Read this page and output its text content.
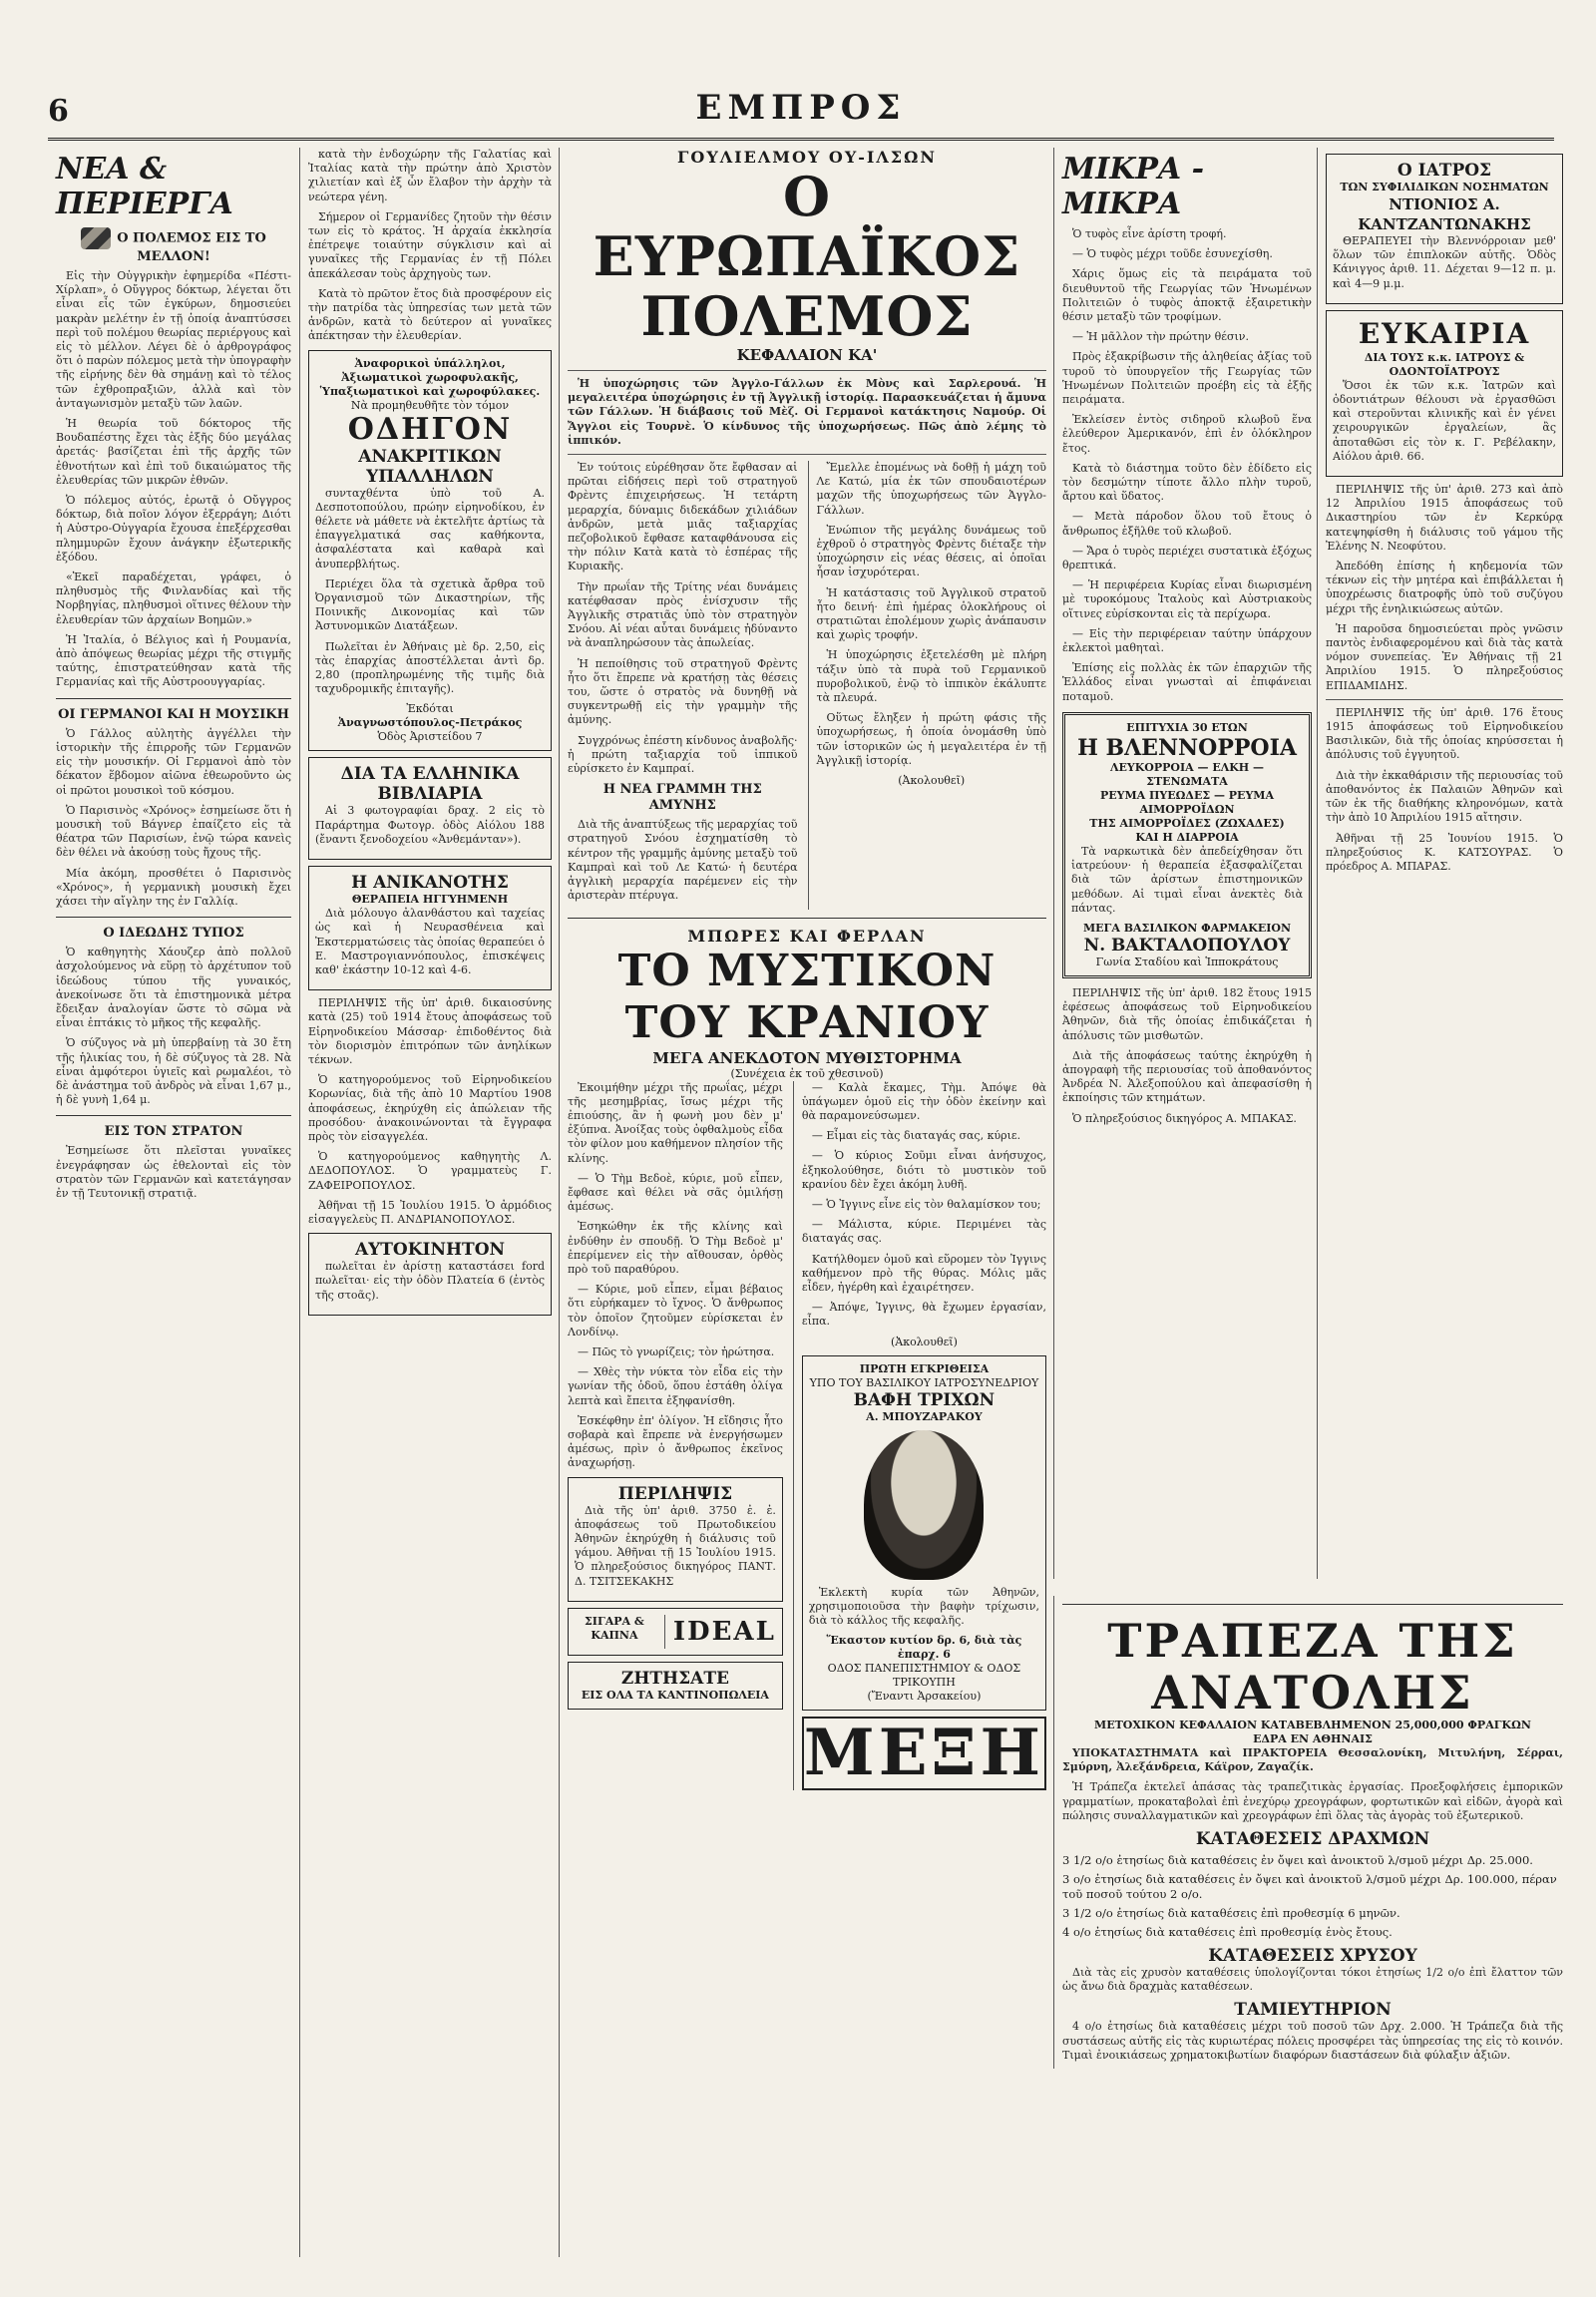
6	ΕΜΠΡΟΣ
ΝΕΑ & ΠΕΡΙΕΡΓΑ
Ο ΠΟΛΕΜΟΣ ΕΙΣ ΤΟ ΜΕΛΛΟΝ!

Εἰς τὴν Οὐγγρικὴν ἐφημερίδα «Πέστι-Χίρλαπ», ὁ Οὔγγρος δόκτωρ, λέγεται ὅτι εἶναι εἷς τῶν ἐγκύρων, δημοσιεύει μακρὰν μελέτην ἐν τῇ ὁποίᾳ ἀναπτύσσει περὶ τοῦ πολέμου θεωρίας περιέργους καὶ εἰς τὸ μέλλον. Λέγει δὲ ὁ ἀρθρογράφος ὅτι ὁ παρὼν πόλεμος μετὰ τὴν ὑπογραφὴν τῆς εἰρήνης δὲν θὰ σημάνῃ καὶ τὸ τέλος τῶν ἐχθροπραξιῶν, ἀλλὰ καὶ τὸν ἀνταγωνισμὸν μεταξὺ τῶν λαῶν.

Ἡ θεωρία τοῦ δόκτορος τῆς Βουδαπέστης ἔχει τὰς ἑξῆς δύο μεγάλας ἀρετάς· βασίζεται ἐπὶ τῆς ἀρχῆς τῶν ἐθνοτήτων καὶ ἐπὶ τοῦ δικαιώματος τῆς ἐλευθερίας τῶν μικρῶν ἐθνῶν.

Ὁ πόλεμος αὐτός, ἐρωτᾷ ὁ Οὔγγρος δόκτωρ, διὰ ποῖον λόγον ἐξερράγη; Διότι ἡ Αὐστρο-Οὐγγαρία ἔχουσα ἐπεξέρχεσθαι πλημμυρῶν ἔχουν ἀνάγκην ἐξωτερικῆς ἐξόδου.

«Ἐκεῖ παραδέχεται, γράφει, ὁ πληθυσμὸς τῆς Φινλανδίας καὶ τῆς Νορβηγίας, πληθυσμοὶ οἵτινες θέλουν τὴν ἐλευθερίαν τῶν ἀρχαίων Βοημῶν.»

Ἡ Ἰταλία, ὁ Βέλγιος καὶ ἡ Ρουμανία, ἀπὸ ἀπόψεως θεωρίας μέχρι τῆς στιγμῆς ταύτης, ἐπιστρατεύθησαν κατὰ τῆς Γερμανίας καὶ τῆς Αὐστροουγγαρίας.

ΟΙ ΓΕΡΜΑΝΟΙ ΚΑΙ Η ΜΟΥΣΙΚΗ

Ὁ Γάλλος αὐλητὴς ἀγγέλλει τὴν ἱστορικὴν τῆς ἐπιρροῆς τῶν Γερμανῶν εἰς τὴν μουσικήν. Οἱ Γερμανοὶ ἀπὸ τὸν δέκατον ἕβδομον αἰῶνα ἐθεωροῦντο ὡς οἱ πρῶτοι μουσικοὶ τοῦ κόσμου.

Ὁ Παρισινὸς «Χρόνος» ἐσημείωσε ὅτι ἡ μουσικὴ τοῦ Βάγνερ ἐπαίζετο εἰς τὰ θέατρα τῶν Παρισίων, ἐνῷ τώρα κανεὶς δὲν θέλει νὰ ἀκούσῃ τοὺς ἤχους τῆς.

Μία ἀκόμη, προσθέτει ὁ Παρισινὸς «Χρόνος», ἡ γερμανικὴ μουσικὴ ἔχει χάσει τὴν αἴγλην της ἐν Γαλλίᾳ.

Ο ΙΔΕΩΔΗΣ ΤΥΠΟΣ

Ὁ καθηγητὴς Χάουζερ ἀπὸ πολλοῦ ἀσχολούμενος νὰ εὕρῃ τὸ ἀρχέτυπον τοῦ ἰδεώδους τύπου τῆς γυναικός, ἀνεκοίνωσε ὅτι τὰ ἐπιστημονικὰ μέτρα ἔδειξαν ἀναλογίαν ὥστε τὸ σῶμα νὰ εἶναι ἐπτάκις τὸ μῆκος τῆς κεφαλῆς.

Ὁ σύζυγος νὰ μὴ ὑπερβαίνῃ τὰ 30 ἔτη τῆς ἡλικίας του, ἡ δὲ σύζυγος τὰ 28. Νὰ εἶναι ἀμφότεροι ὑγιεῖς καὶ ρωμαλέοι, τὸ δὲ ἀνάστημα τοῦ ἀνδρὸς νὰ εἶναι 1,67 μ., ἡ δὲ γυνὴ 1,64 μ.

ΕΙΣ ΤΟΝ ΣΤΡΑΤΟΝ

Ἐσημείωσε ὅτι πλεῖσται γυναῖκες ἐνεγράφησαν ὡς ἐθελονταὶ εἰς τὸν στρατὸν τῶν Γερμανῶν καὶ κατετάγησαν ἐν τῇ Τευτονικῇ στρατιᾷ.

κατὰ τὴν ἐνδοχώρην τῆς Γαλατίας καὶ Ἰταλίας κατὰ τὴν πρώτην ἀπὸ Χριστὸν χιλιετίαν καὶ ἐξ ὧν ἔλαβον τὴν ἀρχὴν τὰ νεώτερα γένη.

Σήμερον οἱ Γερμανίδες ζητοῦν τὴν θέσιν των εἰς τὸ κράτος. Ἡ ἀρχαία ἐκκλησία ἐπέτρεψε τοιαύτην σύγκλισιν καὶ αἱ γυναῖκες τῆς Γερμανίας ἐν τῇ Πόλει ἀπεκάλεσαν τοὺς ἀρχηγοὺς των.

Κατὰ τὸ πρῶτον ἔτος διὰ προσφέρουν εἰς τὴν πατρίδα τὰς ὑπηρεσίας των μετὰ τῶν ἀνδρῶν, κατὰ τὸ δεύτερον αἱ γυναῖκες ἀπέκτησαν τὴν ἐλευθερίαν.

Ἀναφορικοὶ ὑπάλληλοι,
Ἀξιωματικοὶ χωροφυλακῆς,
Ὑπαξιωματικοὶ καὶ χωροφύλακες.
Νὰ προμηθευθῆτε τὸν τόμον
ΟΔΗΓΟΝ
ΑΝΑΚΡΙΤΙΚΩΝ ΥΠΑΛΛΗΛΩΝ

συνταχθέντα ὑπὸ τοῦ Α. Δεσποτοπούλου, πρώην εἰρηνοδίκου, ἐν θέλετε νὰ μάθετε νὰ ἐκτελῆτε ἀρτίως τὰ ἐπαγγελματικά σας καθήκοντα, ἀσφαλέστατα καὶ καθαρὰ καὶ ἀνυπερβλήτως.

Περιέχει ὅλα τὰ σχετικὰ ἄρθρα τοῦ Ὀργανισμοῦ τῶν Δικαστηρίων, τῆς Ποινικῆς Δικονομίας καὶ τῶν Ἀστυνομικῶν Διατάξεων.

Πωλεῖται ἐν Ἀθήναις μὲ δρ. 2,50, εἰς τὰς ἐπαρχίας ἀποστέλλεται ἀντὶ δρ. 2,80 (προπληρωμένης τῆς τιμῆς διὰ ταχυδρομικῆς ἐπιταγῆς).

Ἐκδόται
Ἀναγνωστόπουλος-Πετράκος
Ὁδὸς Ἀριστείδου 7
ΔΙΑ ΤΑ ΕΛΛΗΝΙΚΑ ΒΙΒΛΙΑΡΙΑ

Αἱ 3 φωτογραφίαι δραχ. 2 εἰς τὸ Παράρτημα Φωτογρ. ὁδὸς Αἰόλου 188 (ἔναντι ξενοδοχείου «Ἀνθεμάνταν»).

Η ΑΝΙΚΑΝΟΤΗΣ
ΘΕΡΑΠΕΙΑ ΗΓΓΥΗΜΕΝΗ

Διὰ μόλουγο ἀλανθάστου καὶ ταχείας ὡς καὶ ἡ Νευρασθένεια καὶ Ἐκστερματώσεις τὰς ὁποίας θεραπεύει ὁ Ε. Μαστρογιαννόπουλος, ἐπισκέψεις καθ' ἑκάστην 10-12 καὶ 4-6.

ΠΕΡΙΛΗΨΙΣ τῆς ὑπ' ἀριθ. δικαιοσύνης κατὰ (25) τοῦ 1914 ἔτους ἀποφάσεως τοῦ Εἰρηνοδικείου Μάσσαρ· ἐπιδοθέντος διὰ τὸν διορισμὸν ἐπιτρόπων τῶν ἀνηλίκων τέκνων.

Ὁ κατηγορούμενος τοῦ Εἰρηνοδικείου Κορωνίας, διὰ τῆς ἀπὸ 10 Μαρτίου 1908 ἀποφάσεως, ἐκηρύχθη εἰς ἀπώλειαν τῆς προσόδου· ἀνακοινώνονται τὰ ἔγγραφα πρὸς τὸν εἰσαγγελέα.

Ὁ κατηγορούμενος καθηγητὴς Λ. ΔΕΔΟΠΟΥΛΟΣ. Ὁ γραμματεὺς Γ. ΖΑΦΕΙΡΟΠΟΥΛΟΣ.

Ἀθῆναι τῇ 15 Ἰουλίου 1915. Ὁ ἀρμόδιος εἰσαγγελεὺς Π. ΑΝΔΡΙΑΝΟΠΟΥΛΟΣ.

ΑΥΤΟΚΙΝΗΤΟΝ

πωλεῖται ἐν ἀρίστῃ καταστάσει ford πωλεῖται· εἰς τὴν ὁδὸν Πλατεία 6 (ἐντὸς τῆς στοᾶς).

ΓΟΥΛΙΕΛΜΟΥ ΟΥ-ΙΛΣΩΝ
Ο ΕΥΡΩΠΑΪΚΟΣ ΠΟΛΕΜΟΣ
ΚΕΦΑΛΑΙΟΝ ΚΑ'

Ἡ ὑποχώρησις τῶν Ἀγγλο-Γάλλων ἐκ Μὸνς καὶ Σαρλερουά. Ἡ μεγαλειτέρα ὑποχώρησις ἐν τῇ Ἀγγλικῇ ἱστορίᾳ. Παρασκευάζεται ἡ ἄμυνα τῶν Γάλλων. Ἡ διάβασις τοῦ Μὲζ. Οἱ Γερμανοὶ κατάκτησις Ναμούρ. Οἱ Ἄγγλοι εἰς Τουρνὲ. Ὁ κίνδυνος τῆς ὑποχωρήσεως. Πῶς ἀπὸ λέμης τὸ ἱππικόν.

Ἐν τούτοις εὑρέθησαν ὅτε ἔφθασαν αἱ πρῶται εἰδήσεις περὶ τοῦ στρατηγοῦ Φρὲντς ἐπιχειρήσεως. Ἡ τετάρτη μεραρχία, δύναμις διδεκάδων χιλιάδων ἀνδρῶν, μετὰ μιᾶς ταξιαρχίας πεζοβολικοῦ ἔφθασε καταφθάνουσα εἰς τὴν πόλιν Κατὰ κατὰ τὸ ἑσπέρας τῆς Κυριακῆς.

Τὴν πρωΐαν τῆς Τρίτης νέαι δυνάμεις κατέφθασαν πρὸς ἐνίσχυσιν τῆς Ἀγγλικῆς στρατιᾶς ὑπὸ τὸν στρατηγὸν Σνόου. Αἱ νέαι αὗται δυνάμεις ἠδύναντο νὰ ἀναπληρώσουν τὰς ἀπωλείας.

Ἡ πεποίθησις τοῦ στρατηγοῦ Φρὲντς ἦτο ὅτι ἔπρεπε νὰ κρατήσῃ τὰς θέσεις του, ὥστε ὁ στρατὸς νὰ δυνηθῇ νὰ συγκεντρωθῇ εἰς τὴν γραμμὴν τῆς ἀμύνης.

Συγχρόνως ἐπέστη κίνδυνος ἀναβολῆς· ἡ πρώτη ταξιαρχία τοῦ ἱππικοῦ εὑρίσκετο ἐν Καμπραί.

Η ΝΕΑ ΓΡΑΜΜΗ ΤΗΣ ΑΜΥΝΗΣ

Διὰ τῆς ἀναπτύξεως τῆς μεραρχίας τοῦ στρατηγοῦ Σνόου ἐσχηματίσθη τὸ κέντρον τῆς γραμμῆς ἀμύνης μεταξὺ τοῦ Καμπραὶ καὶ τοῦ Λε Κατώ· ἡ δευτέρα ἀγγλικὴ μεραρχία παρέμενεν εἰς τὴν ἀριστερὰν πτέρυγα.

Ἔμελλε ἐπομένως νὰ δοθῇ ἡ μάχη τοῦ Λε Κατώ, μία ἐκ τῶν σπουδαιοτέρων μαχῶν τῆς ὑποχωρήσεως τῶν Ἀγγλο-Γάλλων.

Ἐνώπιον τῆς μεγάλης δυνάμεως τοῦ ἐχθροῦ ὁ στρατηγὸς Φρὲντς διέταξε τὴν ὑποχώρησιν εἰς νέας θέσεις, αἱ ὁποῖαι ἦσαν ἰσχυρότεραι.

Ἡ κατάστασις τοῦ Ἀγγλικοῦ στρατοῦ ἦτο δεινή· ἐπὶ ἡμέρας ὁλοκλήρους οἱ στρατιῶται ἐπολέμουν χωρὶς ἀνάπαυσιν καὶ χωρὶς τροφήν.

Ἡ ὑποχώρησις ἐξετελέσθη μὲ πλήρη τάξιν ὑπὸ τὰ πυρὰ τοῦ Γερμανικοῦ πυροβολικοῦ, ἐνῷ τὸ ἱππικὸν ἐκάλυπτε τὰ πλευρά.

Οὕτως ἔληξεν ἡ πρώτη φάσις τῆς ὑποχωρήσεως, ἡ ὁποία ὀνομάσθη ὑπὸ τῶν ἱστορικῶν ὡς ἡ μεγαλειτέρα ἐν τῇ Ἀγγλικῇ ἱστορίᾳ.

(Ἀκολουθεῖ)
ΜΠΩΡΕΣ ΚΑΙ ΦΕΡΛΑΝ
ΤΟ ΜΥΣΤΙΚΟΝ ΤΟΥ ΚΡΑΝΙΟΥ
ΜΕΓΑ ΑΝΕΚΔΟΤΟΝ ΜΥΘΙΣΤΟΡΗΜΑ
(Συνέχεια ἐκ τοῦ χθεσινοῦ)

Ἐκοιμήθην μέχρι τῆς πρωΐας, μέχρι τῆς μεσημβρίας, ἴσως μέχρι τῆς ἐπιούσης, ἂν ἡ φωνὴ μου δὲν μ' ἐξύπνα. Ἀνοίξας τοὺς ὀφθαλμοὺς εἶδα τὸν φίλον μου καθήμενον πλησίον τῆς κλίνης.

— Ὁ Τὴμ Βεδοὲ, κύριε, μοῦ εἶπεν, ἔφθασε καὶ θέλει νὰ σᾶς ὁμιλήσῃ ἀμέσως.

Ἐσηκώθην ἐκ τῆς κλίνης καὶ ἐνδύθην ἐν σπουδῇ. Ὁ Τὴμ Βεδοὲ μ' ἐπερίμενεν εἰς τὴν αἴθουσαν, ὀρθὸς πρὸ τοῦ παραθύρου.

— Κύριε, μοῦ εἶπεν, εἶμαι βέβαιος ὅτι εὑρήκαμεν τὸ ἴχνος. Ὁ ἄνθρωπος τὸν ὁποῖον ζητοῦμεν εὑρίσκεται ἐν Λονδίνῳ.

— Πῶς τὸ γνωρίζεις; τὸν ἠρώτησα.

— Χθὲς τὴν νύκτα τὸν εἶδα εἰς τὴν γωνίαν τῆς ὁδοῦ, ὅπου ἐστάθη ὀλίγα λεπτὰ καὶ ἔπειτα ἐξηφανίσθη.

Ἐσκέφθην ἐπ' ὀλίγον. Ἡ εἴδησις ἦτο σοβαρὰ καὶ ἔπρεπε νὰ ἐνεργήσωμεν ἀμέσως, πρὶν ὁ ἄνθρωπος ἐκεῖνος ἀναχωρήσῃ.

ΠΕΡΙΛΗΨΙΣ

Διὰ τῆς ὑπ' ἀριθ. 3750 ἐ. ἐ. ἀποφάσεως τοῦ Πρωτοδικείου Ἀθηνῶν ἐκηρύχθη ἡ διάλυσις τοῦ γάμου. Ἀθῆναι τῇ 15 Ἰουλίου 1915. Ὁ πληρεξούσιος δικηγόρος ΠΑΝΤ. Δ. ΤΣΙΤΣΕΚΑΚΗΣ

ΣΙΓΑΡΑ & ΚΑΠΝΑ	IDEAL
ΖΗΤΗΣΑΤΕ
ΕΙΣ ΟΛΑ ΤΑ ΚΑΝΤΙΝΟΠΩΛΕΙΑ

— Καλὰ ἔκαμες, Τὴμ. Ἀπόψε θὰ ὑπάγωμεν ὁμοῦ εἰς τὴν ὁδὸν ἐκείνην καὶ θὰ παραμονεύσωμεν.

— Εἶμαι εἰς τὰς διαταγάς σας, κύριε.

— Ὁ κύριος Σοῦμι εἶναι ἀνήσυχος, ἐξηκολούθησε, διότι τὸ μυστικὸν τοῦ κρανίου δὲν ἔχει ἀκόμη λυθῆ.

— Ὁ Ἰγγινς εἶνε εἰς τὸν θαλαμίσκον του;

— Μάλιστα, κύριε. Περιμένει τὰς διαταγάς σας.

Κατήλθομεν ὁμοῦ καὶ εὕρομεν τὸν Ἰγγινς καθήμενον πρὸ τῆς θύρας. Μόλις μᾶς εἶδεν, ἠγέρθη καὶ ἐχαιρέτησεν.

— Ἀπόψε, Ἰγγινς, θὰ ἔχωμεν ἐργασίαν, εἶπα.

(Ἀκολουθεῖ)
ΠΡΩΤΗ ΕΓΚΡΙΘΕΙΣΑ
ΥΠΟ ΤΟΥ ΒΑΣΙΛΙΚΟΥ ΙΑΤΡΟΣΥΝΕΔΡΙΟΥ
ΒΑΦΗ ΤΡΙΧΩΝ
Α. ΜΠΟΥΖΑΡΑΚΟΥ

Ἐκλεκτὴ κυρία τῶν Ἀθηνῶν, χρησιμοποιοῦσα τὴν βαφὴν τρίχωσιν, διὰ τὸ κάλλος τῆς κεφαλῆς.

Ἕκαστον κυτίον δρ. 6, διὰ τὰς ἐπαρχ. 6
ΟΔΟΣ ΠΑΝΕΠΙΣΤΗΜΙΟΥ & ΟΔΟΣ ΤΡΙΚΟΥΠΗ
(Ἔναντι Ἀρσακείου)
ΜΕΞΗ
ΜΙΚΡΑ - ΜΙΚΡΑ

Ὁ τυφὸς εἶνε ἀρίστη τροφή.

— Ὁ τυφὸς μέχρι τοῦδε ἐσυνεχίσθη.

Χάρις ὅμως εἰς τὰ πειράματα τοῦ διευθυντοῦ τῆς Γεωργίας τῶν Ἡνωμένων Πολιτειῶν ὁ τυφὸς ἀποκτᾷ ἐξαιρετικὴν θέσιν μεταξὺ τῶν τροφίμων.

— Ἡ μᾶλλον τὴν πρώτην θέσιν.

Πρὸς ἐξακρίβωσιν τῆς ἀληθείας ἀξίας τοῦ τυροῦ τὸ ὑπουργεῖον τῆς Γεωργίας τῶν Ἡνωμένων Πολιτειῶν προέβη εἰς τὰ ἑξῆς πειράματα.

Ἐκλείσεν ἐντὸς σιδηροῦ κλωβοῦ ἕνα ἐλεύθερον Ἀμερικανόν, ἐπὶ ἐν ὁλόκληρον ἔτος.

Κατὰ τὸ διάστημα τοῦτο δὲν ἐδίδετο εἰς τὸν δεσμώτην τίποτε ἄλλο πλὴν τυροῦ, ἄρτου καὶ ὕδατος.

— Μετὰ πάροδον ὅλου τοῦ ἔτους ὁ ἄνθρωπος ἐξῆλθε τοῦ κλωβοῦ.

— Ἄρα ὁ τυρὸς περιέχει συστατικὰ ἐξόχως θρεπτικά.

— Ἡ περιφέρεια Κυρίας εἶναι διωρισμένη μὲ τυροκόμους Ἰταλοὺς καὶ Αὐστριακοὺς οἵτινες εὑρίσκονται εἰς τὰ περίχωρα.

— Εἰς τὴν περιφέρειαν ταύτην ὑπάρχουν ἐκλεκτοὶ μαθηταὶ.

Ἐπίσης εἰς πολλὰς ἐκ τῶν ἐπαρχιῶν τῆς Ἑλλάδος εἶναι γνωσταὶ αἱ ἐπιφάνειαι ποταμοῦ.

ΕΠΙΤΥΧΙΑ 30 ΕΤΩΝ
Η ΒΛΕΝΝΟΡΡΟΙΑ
ΛΕΥΚΟΡΡΟΙΑ — ΕΛΚΗ — ΣΤΕΝΩΜΑΤΑ
ΡΕΥΜΑ ΠΥΕΩΔΕΣ — ΡΕΥΜΑ ΑΙΜΟΡΡΟΪΔΩΝ
ΤΗΣ ΑΙΜΟΡΡΟΪΔΕΣ (ΖΩΧΑΔΕΣ)
ΚΑΙ Η ΔΙΑΡΡΟΙΑ

Τὰ ναρκωτικὰ δὲν ἀπεδείχθησαν ὅτι ἰατρεύουν· ἡ θεραπεία ἐξασφαλίζεται διὰ τῶν ἀρίστων ἐπιστημονικῶν μεθόδων. Αἱ τιμαὶ εἶναι ἀνεκτὲς διὰ πάντας.

ΜΕΓΑ ΒΑΣΙΛΙΚΟΝ ΦΑΡΜΑΚΕΙΟΝ
Ν. ΒΑΚΤΑΛΟΠΟΥΛΟΥ
Γωνία Σταδίου καὶ Ἱπποκράτους

ΠΕΡΙΛΗΨΙΣ τῆς ὑπ' ἀριθ. 182 ἔτους 1915 ἐφέσεως ἀποφάσεως τοῦ Εἰρηνοδικείου Ἀθηνῶν, διὰ τῆς ὁποίας ἐπιδικάζεται ἡ ἀπόλυσις τῶν μισθωτῶν.

Διὰ τῆς ἀποφάσεως ταύτης ἐκηρύχθη ἡ ἀπογραφὴ τῆς περιουσίας τοῦ ἀποθανόντος Ἀνδρέα Ν. Ἀλεξοπούλου καὶ ἀπεφασίσθη ἡ ἐκποίησις τῶν κτημάτων.

Ὁ πληρεξούσιος δικηγόρος Α. ΜΠΑΚΑΣ.

Ο ΙΑΤΡΟΣ
ΤΩΝ ΣΥΦΙΛΙΔΙΚΩΝ ΝΟΣΗΜΑΤΩΝ
ΝΤΙΟΝΙΟΣ Α. ΚΑΝΤΖΑΝΤΩΝΑΚΗΣ

ΘΕΡΑΠΕΥΕΙ τὴν Βλεννόρροιαν μεθ' ὅλων τῶν ἐπιπλοκῶν αὐτῆς. Ὁδὸς Κάνιγγος ἀριθ. 11. Δέχεται 9—12 π. μ. καὶ 4—9 μ.μ.

ΕΥΚΑΙΡΙΑ
ΔΙΑ ΤΟΥΣ κ.κ. ΙΑΤΡΟΥΣ & ΟΔΟΝΤΟΪΑΤΡΟΥΣ

Ὅσοι ἐκ τῶν κ.κ. Ἰατρῶν καὶ ὀδοντιάτρων θέλουσι νὰ ἐργασθῶσι καὶ στεροῦνται κλινικῆς καὶ ἐν γένει χειρουργικῶν ἐργαλείων, ἂς ἀποταθῶσι εἰς τὸν κ. Γ. Ρεβέλακην, Αἰόλου ἀριθ. 66.

ΠΕΡΙΛΗΨΙΣ τῆς ὑπ' ἀριθ. 273 καὶ ἀπὸ 12 Ἀπριλίου 1915 ἀποφάσεως τοῦ Δικαστηρίου τῶν ἐν Κερκύρᾳ κατεψηφίσθη ἡ διάλυσις τοῦ γάμου τῆς Ἐλένης Ν. Νεοφύτου.

Ἀπεδόθη ἐπίσης ἡ κηδεμονία τῶν τέκνων εἰς τὴν μητέρα καὶ ἐπιβάλλεται ἡ ὑποχρέωσις διατροφῆς ὑπὸ τοῦ συζύγου μέχρι τῆς ἐνηλικιώσεως αὐτῶν.

Ἡ παροῦσα δημοσιεύεται πρὸς γνῶσιν παντὸς ἐνδιαφερομένου καὶ διὰ τὰς κατὰ νόμον συνεπείας. Ἐν Ἀθήναις τῇ 21 Ἀπριλίου 1915. Ὁ πληρεξούσιος ΕΠΙΔΑΜΙΔΗΣ.

ΠΕΡΙΛΗΨΙΣ τῆς ὑπ' ἀριθ. 176 ἔτους 1915 ἀποφάσεως τοῦ Εἰρηνοδικείου Βασιλικῶν, διὰ τῆς ὁποίας κηρύσσεται ἡ ἀπόλυσις τοῦ ἐγγυητοῦ.

Διὰ τὴν ἐκκαθάρισιν τῆς περιουσίας τοῦ ἀποθανόντος ἐκ Παλαιῶν Ἀθηνῶν καὶ τῶν ἐκ τῆς διαθήκης κληρονόμων, κατὰ τὴν ἀπὸ 10 Ἀπριλίου 1915 αἴτησιν.

Ἀθῆναι τῇ 25 Ἰουνίου 1915. Ὁ πληρεξούσιος Κ. ΚΑΤΣΟΥΡΑΣ. Ὁ πρόεδρος Α. ΜΠΑΡΑΣ.

ΤΡΑΠΕΖΑ ΤΗΣ ΑΝΑΤΟΛΗΣ
ΜΕΤΟΧΙΚΟΝ ΚΕΦΑΛΑΙΟΝ ΚΑΤΑΒΕΒΛΗΜΕΝΟΝ 25,000,000 ΦΡΑΓΚΩΝ
ΕΔΡΑ ΕΝ ΑΘΗΝΑΙΣ

ΥΠΟΚΑΤΑΣΤΗΜΑΤΑ καὶ ΠΡΑΚΤΟΡΕΙΑ Θεσσαλονίκη, Μιτυλήνη, Σέρραι, Σμύρνη, Ἀλεξάνδρεια, Κάϊρον, Ζαγαζίκ.

Ἡ Τράπεζα ἐκτελεῖ ἁπάσας τὰς τραπεζιτικὰς ἐργασίας. Προεξοφλήσεις ἐμπορικῶν γραμματίων, προκαταβολαὶ ἐπὶ ἐνεχύρῳ χρεογράφων, φορτωτικῶν καὶ εἰδῶν, ἀγορὰ καὶ πώλησις συναλλαγματικῶν καὶ χρεογράφων ἐπὶ ὅλας τὰς ἀγορὰς τοῦ ἐξωτερικοῦ.

ΚΑΤΑΘΕΣΕΙΣ ΔΡΑΧΜΩΝ
3 1/2 ο/ο ἐτησίως διὰ καταθέσεις ἐν ὄψει καὶ ἀνοικτοῦ λ/σμοῦ μέχρι Δρ. 25.000.
3 ο/ο ἐτησίως διὰ καταθέσεις ἐν ὄψει καὶ ἀνοικτοῦ λ/σμοῦ μέχρι Δρ. 100.000, πέραν τοῦ ποσοῦ τούτου 2 ο/ο.
3 1/2 ο/ο ἐτησίως διὰ καταθέσεις ἐπὶ προθεσμίᾳ 6 μηνῶν.
4 ο/ο ἐτησίως διὰ καταθέσεις ἐπὶ προθεσμίᾳ ἑνὸς ἔτους.
ΚΑΤΑΘΕΣΕΙΣ ΧΡΥΣΟΥ

Διὰ τὰς εἰς χρυσὸν καταθέσεις ὑπολογίζονται τόκοι ἐτησίως 1/2 ο/ο ἐπὶ ἔλαττον τῶν ὡς ἄνω διὰ δραχμὰς καταθέσεων.

ΤΑΜΙΕΥΤΗΡΙΟΝ

4 ο/ο ἐτησίως διὰ καταθέσεις μέχρι τοῦ ποσοῦ τῶν Δρχ. 2.000. Ἡ Τράπεζα διὰ τῆς συστάσεως αὐτῆς εἰς τὰς κυριωτέρας πόλεις προσφέρει τὰς ὑπηρεσίας της εἰς τὸ κοινόν. Τιμαὶ ἐνοικιάσεως χρηματοκιβωτίων διαφόρων διαστάσεων διὰ φύλαξιν ἀξιῶν.
